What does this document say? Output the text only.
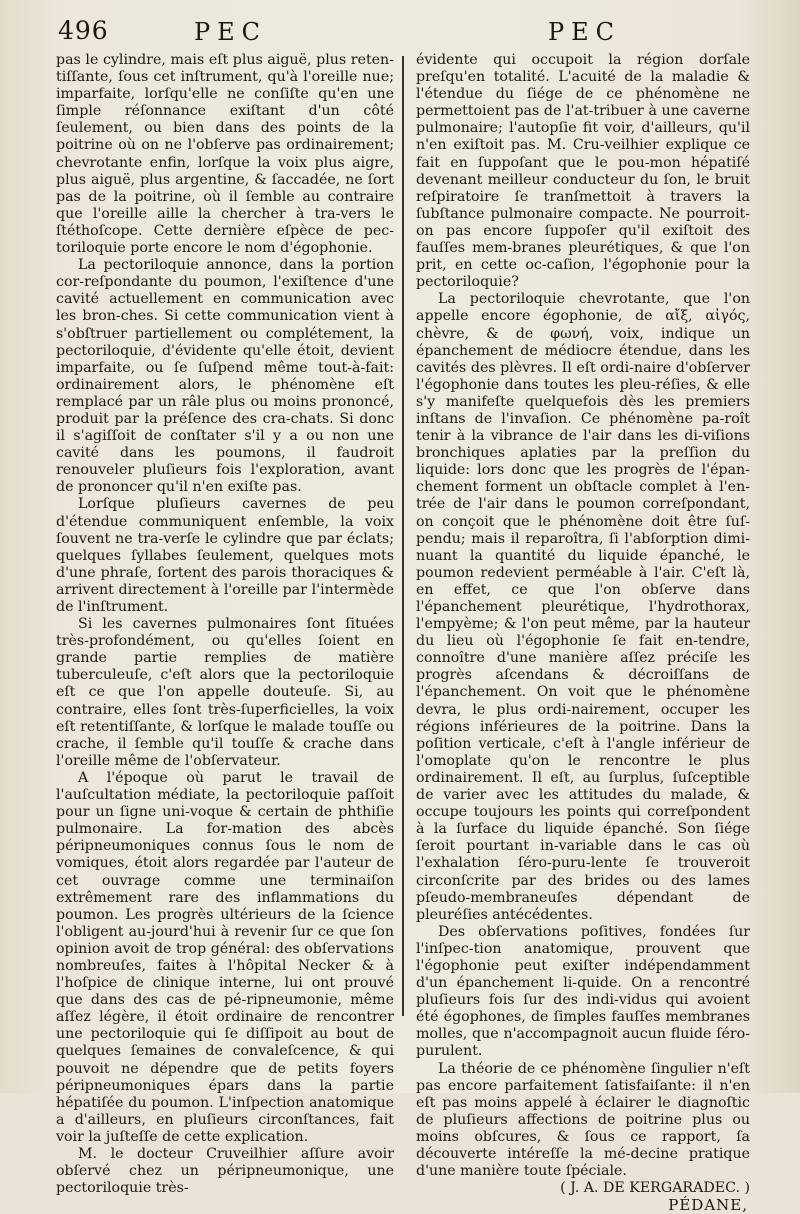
496	PEC	PEC

pas le cylindre, mais eſt plus aiguë, plus reten-tiſſante, ſous cet inſtrument, qu'à l'oreille nue; imparfaite, lorſqu'elle ne conſiſte qu'en une ſimple réſonnance exiſtant d'un côté ſeulement, ou bien dans des points de la poitrine où on ne l'obſerve pas ordinairement; chevrotante enfin, lorſque la voix plus aigre, plus aiguë, plus argentine, & ſaccadée, ne ſort pas de la poitrine, où il ſemble au contraire que l'oreille aille la chercher à tra-vers le ſtéthoſcope. Cette dernière eſpèce de pec-toriloquie porte encore le nom d'égophonie.

La pectoriloquie annonce, dans la portion cor-reſpondante du poumon, l'exiſtence d'une cavité actuellement en communication avec les bron-ches. Si cette communication vient à s'obſtruer partiellement ou complétement, la pectoriloquie, d'évidente qu'elle étoit, devient imparfaite, ou ſe ſuſpend même tout-à-fait: ordinairement alors, le phénomène eſt remplacé par un râle plus ou moins prononcé, produit par la préſence des cra-chats. Si donc il s'agiſſoit de conſtater s'il y a ou non une cavité dans les poumons, il faudroit renouveler pluſieurs fois l'exploration, avant de prononcer qu'il n'en exiſte pas.

Lorſque pluſieurs cavernes de peu d'étendue communiquent enſemble, la voix ſouvent ne tra-verſe le cylindre que par éclats; quelques ſyllabes ſeulement, quelques mots d'une phraſe, ſortent des parois thoraciques & arrivent directement à l'oreille par l'intermède de l'inſtrument.

Si les cavernes pulmonaires ſont ſituées très-profondément, ou qu'elles ſoient en grande partie remplies de matière tuberculeuſe, c'eſt alors que la pectoriloquie eſt ce que l'on appelle douteuſe. Si, au contraire, elles ſont très-ſuperficielles, la voix eſt retentiſſante, & lorſque le malade touſſe ou crache, il ſemble qu'il touſſe & crache dans l'oreille même de l'obſervateur.

A l'époque où parut le travail de l'auſcultation médiate, la pectoriloquie paſſoit pour un ſigne uni-voque & certain de phthiſie pulmonaire. La for-mation des abcès péripneumoniques connus ſous le nom de vomiques, étoit alors regardée par l'auteur de cet ouvrage comme une terminaiſon extrêmement rare des inflammations du poumon. Les progrès ultérieurs de la ſcience l'obligent au-jourd'hui à revenir ſur ce que ſon opinion avoit de trop général: des obſervations nombreuſes, faites à l'hôpital Necker & à l'hoſpice de clinique interne, lui ont prouvé que dans des cas de pé-ripneumonie, même aſſez légère, il étoit ordinaire de rencontrer une pectoriloquie qui ſe diſſipoit au bout de quelques ſemaines de convaleſcence, & qui pouvoit ne dépendre que de petits foyers péripneumoniques épars dans la partie hépatiſée du poumon. L'inſpection anatomique a d'ailleurs, en pluſieurs circonſtances, fait voir la juſteſſe de cette explication.

M. le docteur Cruveilhier aſſure avoir obſervé chez un péripneumonique, une pectoriloquie très-

évidente qui occupoit la région dorſale preſqu'en totalité. L'acuité de la maladie & l'étendue du ſiége de ce phénomène ne permettoient pas de l'at-tribuer à une caverne pulmonaire; l'autopſie fit voir, d'ailleurs, qu'il n'en exiſtoit pas. M. Cru-veilhier explique ce fait en ſuppoſant que le pou-mon hépatiſé devenant meilleur conducteur du ſon, le bruit reſpiratoire ſe tranſmettoit à travers la ſubſtance pulmonaire compacte. Ne pourroit-on pas encore ſuppoſer qu'il exiſtoit des fauſſes mem-branes pleurétiques, & que l'on prit, en cette oc-caſion, l'égophonie pour la pectoriloquie?

La pectoriloquie chevrotante, que l'on appelle encore égophonie, de αἴξ, αἰγός, chèvre, & de φωνή, voix, indique un épanchement de médiocre étendue, dans les cavités des plèvres. Il eſt ordi-naire d'obſerver l'égophonie dans toutes les pleu-réſies, & elle s'y manifeſte quelquefois dès les premiers inſtans de l'invaſion. Ce phénomène pa-roît tenir à la vibrance de l'air dans les di-viſions bronchiques aplaties par la preſſion du liquide: lors donc que les progrès de l'épan-chement forment un obſtacle complet à l'en-trée de l'air dans le poumon correſpondant, on conçoit que le phénomène doit être ſuſ-pendu; mais il reparoîtra, ſi l'abſorption dimi-nuant la quantité du liquide épanché, le poumon redevient perméable à l'air. C'eſt là, en effet, ce que l'on obſerve dans l'épanchement pleurétique, l'hydrothorax, l'empyème; & l'on peut même, par la hauteur du lieu où l'égophonie ſe fait en-tendre, connoître d'une manière aſſez préciſe les progrès aſcendans & décroiſſans de l'épanchement. On voit que le phénomène devra, le plus ordi-nairement, occuper les régions inférieures de la poitrine. Dans la poſition verticale, c'eſt à l'angle inférieur de l'omoplate qu'on le rencontre le plus ordinairement. Il eſt, au ſurplus, ſuſceptible de varier avec les attitudes du malade, & occupe toujours les points qui correſpondent à la ſurface du liquide épanché. Son ſiége ſeroit pourtant in-variable dans le cas où l'exhalation ſéro-puru-lente ſe trouveroit circonſcrite par des brides ou des lames pſeudo-membraneuſes dépendant de pleuréſies antécédentes.

Des obſervations poſitives, fondées ſur l'inſpec-tion anatomique, prouvent que l'égophonie peut exiſter indépendamment d'un épanchement li-quide. On a rencontré pluſieurs fois ſur des indi-vidus qui avoient été égophones, de ſimples fauſſes membranes molles, que n'accompagnoit aucun fluide ſéro-purulent.

La théorie de ce phénomène ſingulier n'eſt pas encore parfaitement ſatisfaiſante: il n'en eſt pas moins appelé à éclairer le diagnoſtic de pluſieurs affections de poitrine plus ou moins obſcures, & ſous ce rapport, ſa découverte intéreſſe la mé-decine pratique d'une manière toute ſpéciale.

( J. A. DE KERGARADEC. )

PÉDANE,
